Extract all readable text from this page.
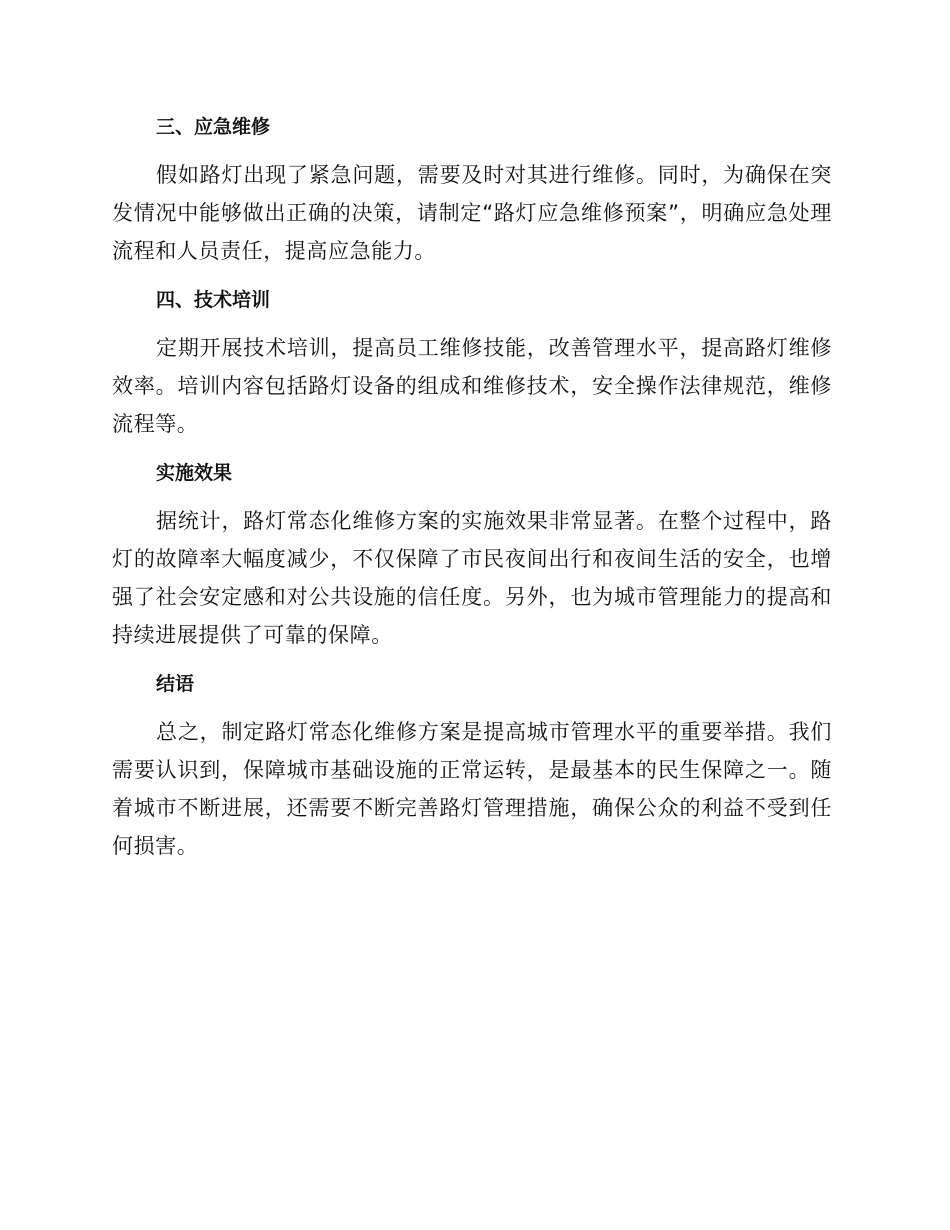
三、应急维修

假如路灯出现了紧急问题，需要及时对其进行维修。同时，为确保在突发情况中能够做出正确的决策，请制定“路灯应急维修预案”，明确应急处理流程和人员责任，提高应急能力。

四、技术培训

定期开展技术培训，提高员工维修技能，改善管理水平，提高路灯维修效率。培训内容包括路灯设备的组成和维修技术，安全操作法律规范，维修流程等。

实施效果

据统计，路灯常态化维修方案的实施效果非常显著。在整个过程中，路灯的故障率大幅度减少，不仅保障了市民夜间出行和夜间生活的安全，也增强了社会安定感和对公共设施的信任度。另外，也为城市管理能力的提高和持续进展提供了可靠的保障。

结语

总之，制定路灯常态化维修方案是提高城市管理水平的重要举措。我们需要认识到，保障城市基础设施的正常运转，是最基本的民生保障之一。随着城市不断进展，还需要不断完善路灯管理措施，确保公众的利益不受到任何损害。
